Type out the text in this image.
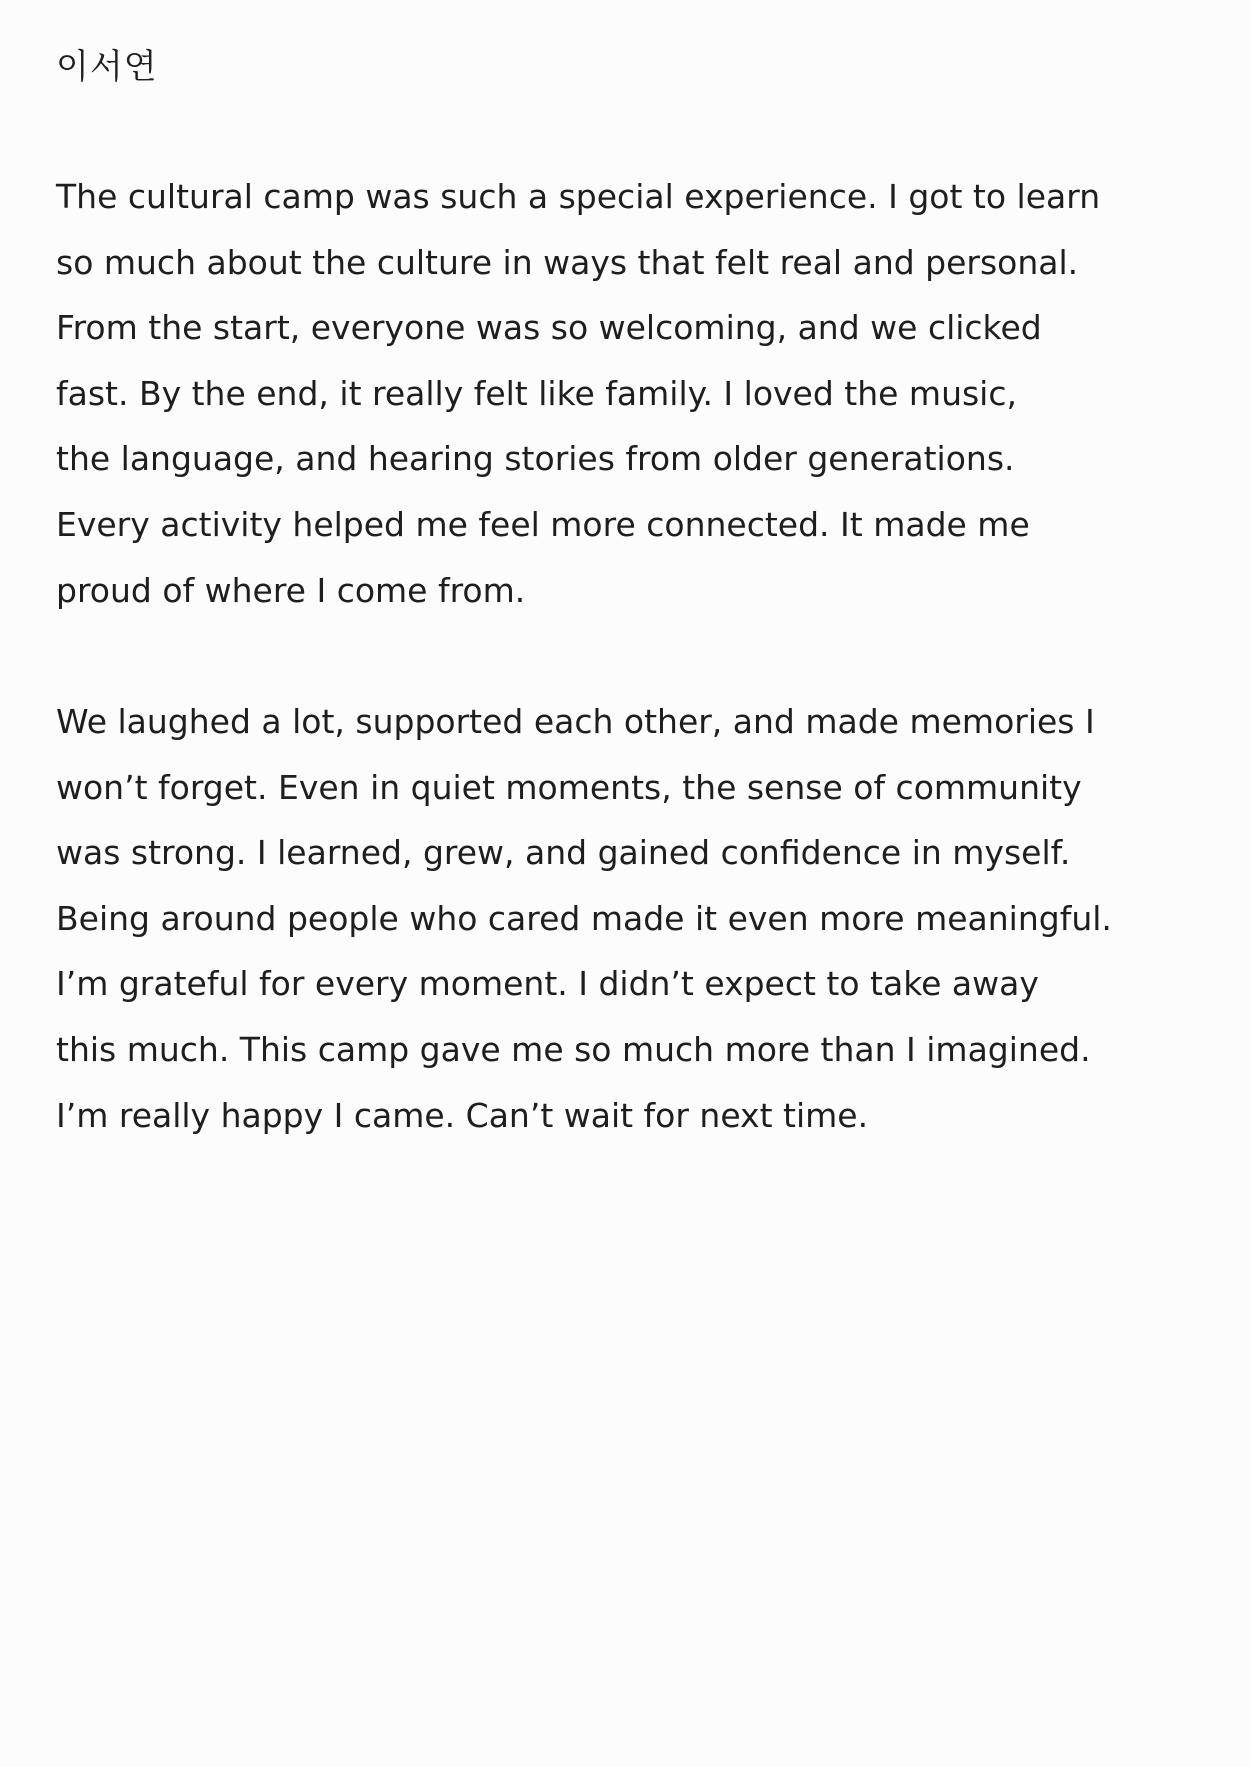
이서연

The cultural camp was such a special experience. I got to learn
so much about the culture in ways that felt real and personal.
From the start, everyone was so welcoming, and we clicked
fast. By the end, it really felt like family. I loved the music,
the language, and hearing stories from older generations.
Every activity helped me feel more connected. It made me
proud of where I come from.

We laughed a lot, supported each other, and made memories I
won’t forget. Even in quiet moments, the sense of community
was strong. I learned, grew, and gained confidence in myself.
Being around people who cared made it even more meaningful.
I’m grateful for every moment. I didn’t expect to take away
this much. This camp gave me so much more than I imagined.
I’m really happy I came. Can’t wait for next time.
